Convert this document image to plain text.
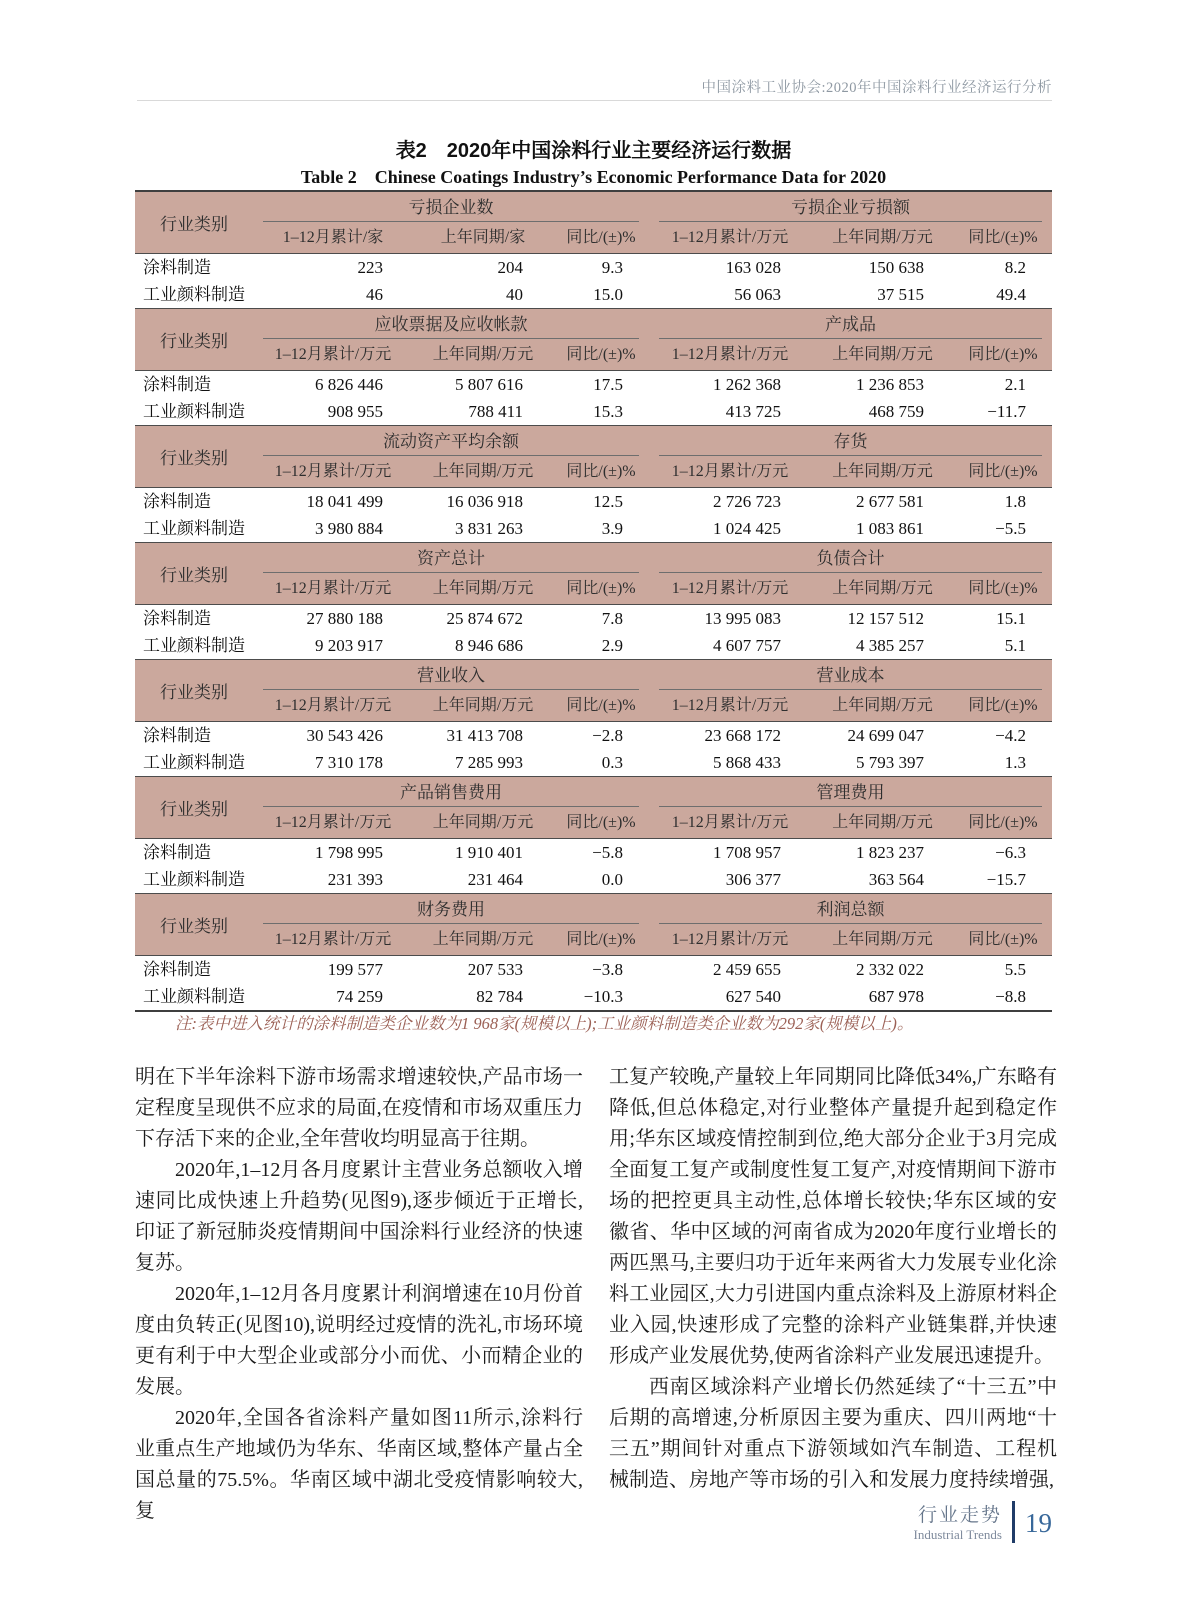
中国涂料工业协会:2020年中国涂料行业经济运行分析
表2　2020年中国涂料行业主要经济运行数据
Table 2　Chinese Coatings Industry’s Economic Performance Data for 2020
行业类别
亏损企业数
1–12月累计/家	上年同期/家	同比/(±)%
亏损企业亏损额
1–12月累计/万元	上年同期/万元	同比/(±)%
涂料制造	223	204	9.3	163 028	150 638	8.2
工业颜料制造	46	40	15.0	56 063	37 515	49.4
行业类别
应收票据及应收帐款
1–12月累计/万元	上年同期/万元	同比/(±)%
产成品
1–12月累计/万元	上年同期/万元	同比/(±)%
涂料制造	6 826 446	5 807 616	17.5	1 262 368	1 236 853	2.1
工业颜料制造	908 955	788 411	15.3	413 725	468 759	−11.7
行业类别
流动资产平均余额
1–12月累计/万元	上年同期/万元	同比/(±)%
存货
1–12月累计/万元	上年同期/万元	同比/(±)%
涂料制造	18 041 499	16 036 918	12.5	2 726 723	2 677 581	1.8
工业颜料制造	3 980 884	3 831 263	3.9	1 024 425	1 083 861	−5.5
行业类别
资产总计
1–12月累计/万元	上年同期/万元	同比/(±)%
负债合计
1–12月累计/万元	上年同期/万元	同比/(±)%
涂料制造	27 880 188	25 874 672	7.8	13 995 083	12 157 512	15.1
工业颜料制造	9 203 917	8 946 686	2.9	4 607 757	4 385 257	5.1
行业类别
营业收入
1–12月累计/万元	上年同期/万元	同比/(±)%
营业成本
1–12月累计/万元	上年同期/万元	同比/(±)%
涂料制造	30 543 426	31 413 708	−2.8	23 668 172	24 699 047	−4.2
工业颜料制造	7 310 178	7 285 993	0.3	5 868 433	5 793 397	1.3
行业类别
产品销售费用
1–12月累计/万元	上年同期/万元	同比/(±)%
管理费用
1–12月累计/万元	上年同期/万元	同比/(±)%
涂料制造	1 798 995	1 910 401	−5.8	1 708 957	1 823 237	−6.3
工业颜料制造	231 393	231 464	0.0	306 377	363 564	−15.7
行业类别
财务费用
1–12月累计/万元	上年同期/万元	同比/(±)%
利润总额
1–12月累计/万元	上年同期/万元	同比/(±)%
涂料制造	199 577	207 533	−3.8	2 459 655	2 332 022	5.5
工业颜料制造	74 259	82 784	−10.3	627 540	687 978	−8.8
注:表中进入统计的涂料制造类企业数为1 968家(规模以上);工业颜料制造类企业数为292家(规模以上)。

明在下半年涂料下游市场需求增速较快,产品市场一定程度呈现供不应求的局面,在疫情和市场双重压力下存活下来的企业,全年营收均明显高于往期。

2020年,1–12月各月度累计主营业务总额收入增速同比成快速上升趋势(见图9),逐步倾近于正增长,印证了新冠肺炎疫情期间中国涂料行业经济的快速复苏。

2020年,1–12月各月度累计利润增速在10月份首度由负转正(见图10),说明经过疫情的洗礼,市场环境更有利于中大型企业或部分小而优、小而精企业的发展。

2020年,全国各省涂料产量如图11所示,涂料行业重点生产地域仍为华东、华南区域,整体产量占全国总量的75.5%。华南区域中湖北受疫情影响较大,复

工复产较晚,产量较上年同期同比降低34%,广东略有降低,但总体稳定,对行业整体产量提升起到稳定作用;华东区域疫情控制到位,绝大部分企业于3月完成全面复工复产或制度性复工复产,对疫情期间下游市场的把控更具主动性,总体增长较快;华东区域的安徽省、华中区域的河南省成为2020年度行业增长的两匹黑马,主要归功于近年来两省大力发展专业化涂料工业园区,大力引进国内重点涂料及上游原材料企业入园,快速形成了完整的涂料产业链集群,并快速形成产业发展优势,使两省涂料产业发展迅速提升。

西南区域涂料产业增长仍然延续了“十三五”中后期的高增速,分析原因主要为重庆、四川两地“十三五”期间针对重点下游领域如汽车制造、工程机械制造、房地产等市场的引入和发展力度持续增强,

行业走势
Industrial Trends 19
